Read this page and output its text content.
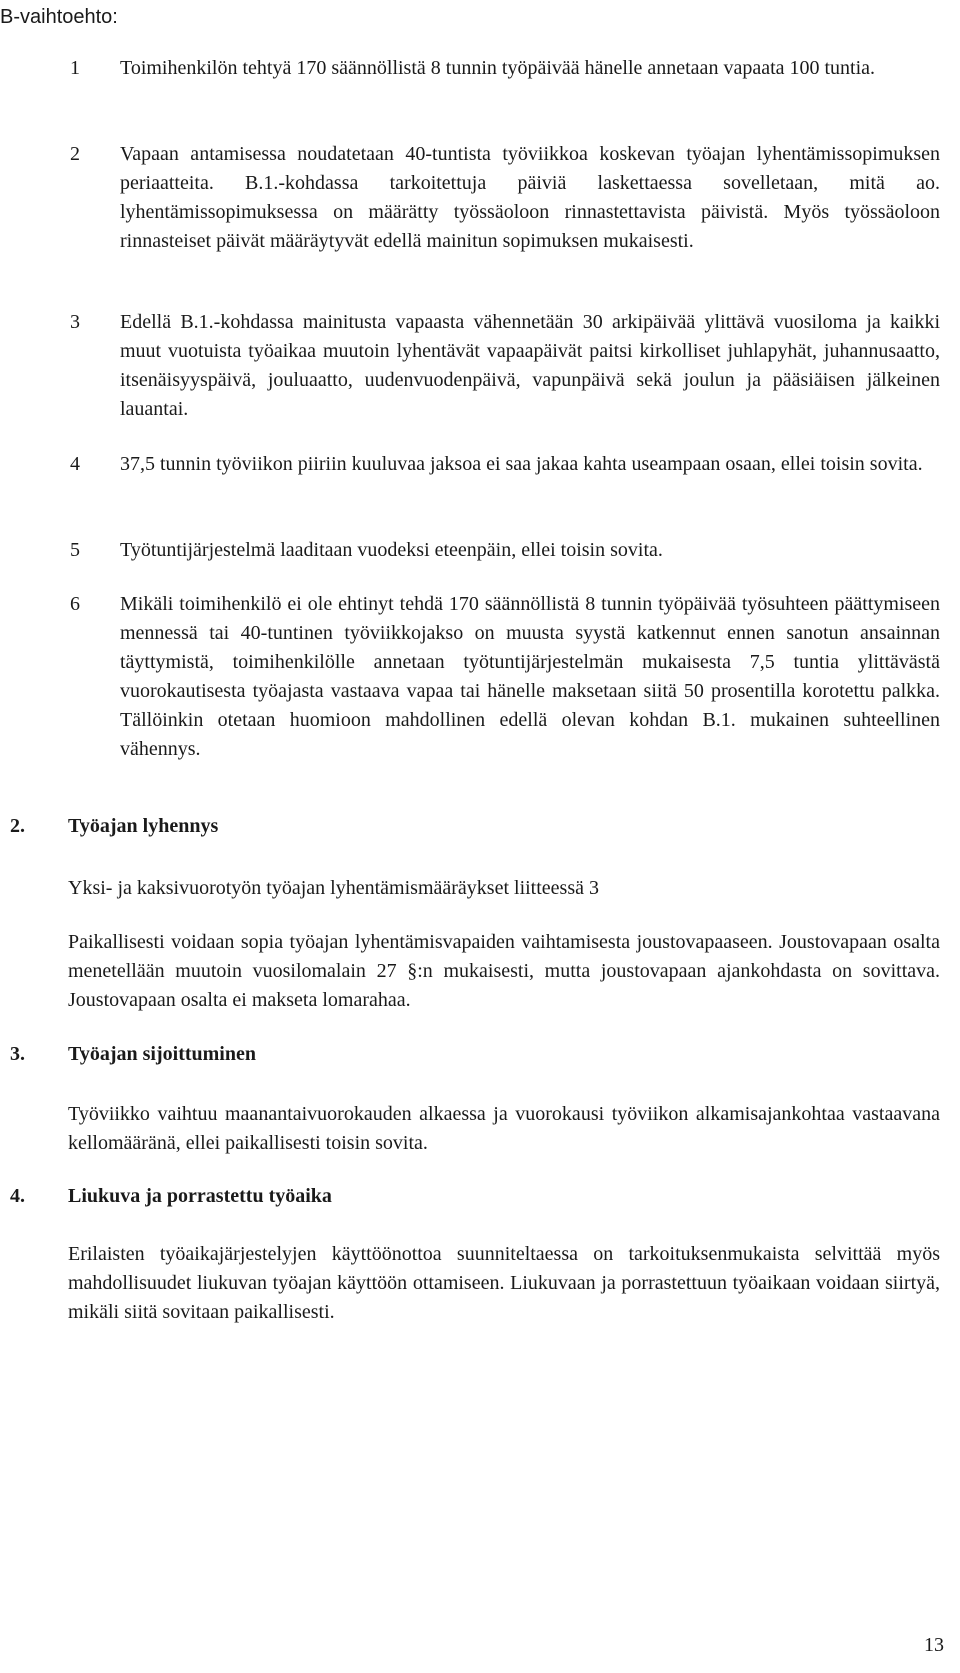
B-vaihtoehto:
1	Toimihenkilön tehtyä 170 säännöllistä 8 tunnin työpäivää hänelle annetaan vapaata 100 tuntia.
2	Vapaan antamisessa noudatetaan 40-tuntista työviikkoa koskevan työajan lyhentämissopimuksen periaatteita. B.1.-kohdassa tarkoitettuja päiviä laskettaessa sovelletaan, mitä ao. lyhentämissopimuksessa on määrätty työssäoloon rinnastettavista päivistä. Myös työssäoloon rinnasteiset päivät määräytyvät edellä mainitun sopimuksen mukaisesti.
3	Edellä B.1.-kohdassa mainitusta vapaasta vähennetään 30 arkipäivää ylittävä vuosiloma ja kaikki muut vuotuista työaikaa muutoin lyhentävät vapaapäivät paitsi kirkolliset juhlapyhät, juhannusaatto, itsenäisyyspäivä, jouluaatto, uudenvuodenpäivä, vapunpäivä sekä joulun ja pääsiäisen jälkeinen lauantai.
4	37,5 tunnin työviikon piiriin kuuluvaa jaksoa ei saa jakaa kahta useampaan osaan, ellei toisin sovita.
5	Työtuntijärjestelmä laaditaan vuodeksi eteenpäin, ellei toisin sovita.
6	Mikäli toimihenkilö ei ole ehtinyt tehdä 170 säännöllistä 8 tunnin työpäivää työsuhteen päättymiseen mennessä tai 40-tuntinen työviikkojakso on muusta syystä katkennut ennen sanotun ansainnan täyttymistä, toimihenkilölle annetaan työtuntijärjestelmän mukaisesta 7,5 tuntia ylittävästä vuorokautisesta työajasta vastaava vapaa tai hänelle maksetaan siitä 50 prosentilla korotettu palkka. Tällöinkin otetaan huomioon mahdollinen edellä olevan kohdan B.1. mukainen suhteellinen vähennys.
2.	Työajan lyhennys

Yksi- ja kaksivuorotyön työajan lyhentämismääräykset liitteessä 3

Paikallisesti voidaan sopia työajan lyhentämisvapaiden vaihtamisesta joustovapaaseen. Joustovapaan osalta menetellään muutoin vuosilomalain 27 §:n mukaisesti, mutta joustovapaan ajankohdasta on sovittava. Joustovapaan osalta ei makseta lomarahaa.

3.	Työajan sijoittuminen

Työviikko vaihtuu maanantaivuorokauden alkaessa ja vuorokausi työviikon alkamisajankohtaa vastaavana kellomääränä, ellei paikallisesti toisin sovita.

4.	Liukuva ja porrastettu työaika

Erilaisten työaikajärjestelyjen käyttöönottoa suunniteltaessa on tarkoituksenmukaista selvittää myös mahdollisuudet liukuvan työajan käyttöön ottamiseen. Liukuvaan ja porrastettuun työaikaan voidaan siirtyä, mikäli siitä sovitaan paikallisesti.

13
